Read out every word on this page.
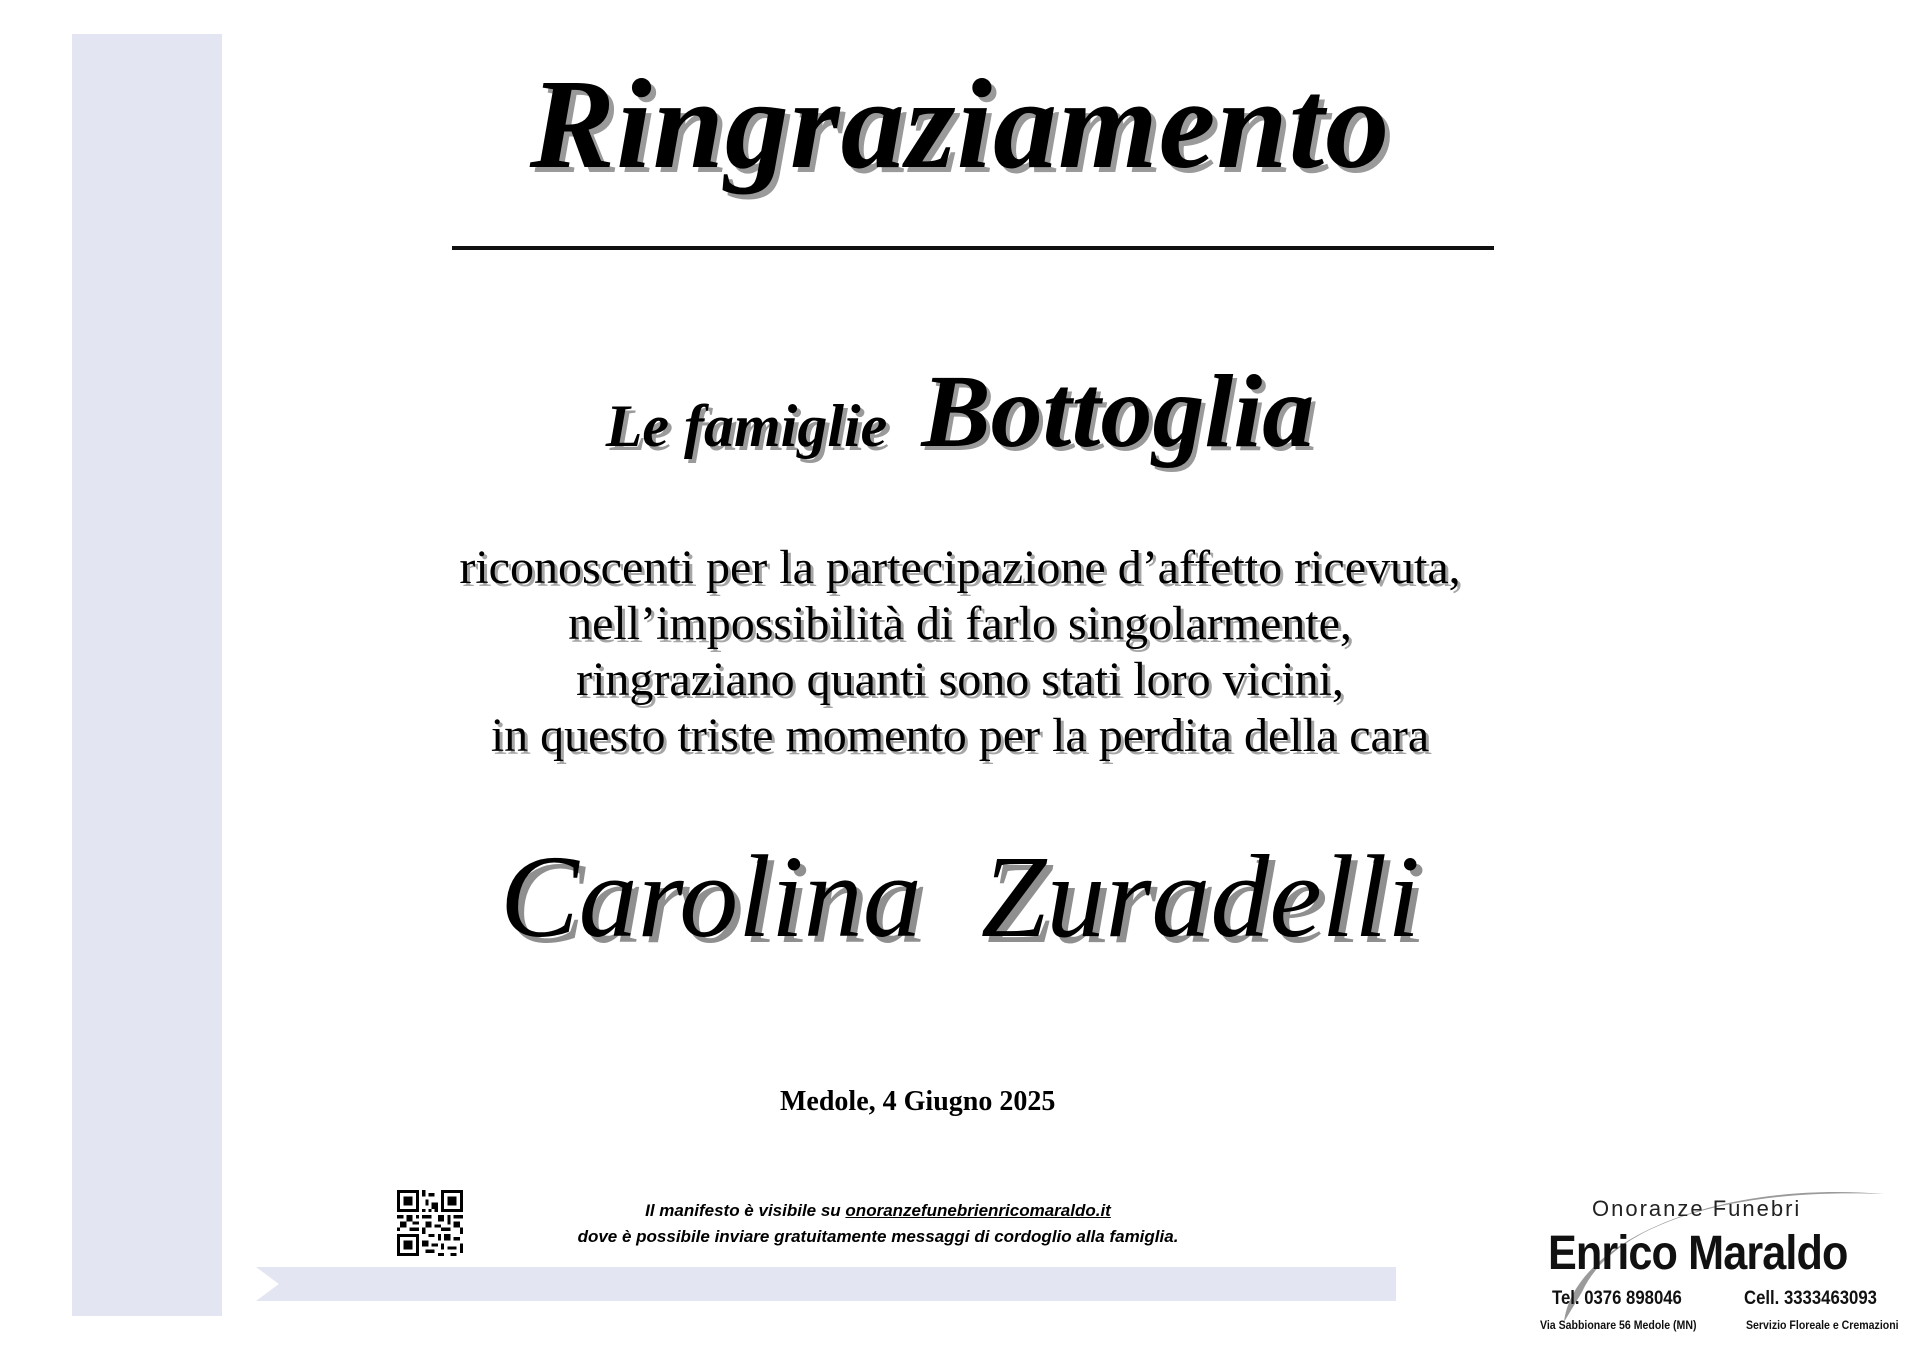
Ringraziamento
Le famiglie Bottoglia
riconoscenti per la partecipazione d’affetto ricevuta,
nell’impossibilità di farlo singolarmente,
ringraziano quanti sono stati loro vicini,
in questo triste momento per la perdita della cara
Carolina  Zuradelli
Medole, 4 Giugno 2025
Il manifesto è visibile su onoranzefunebrienricomaraldo.it
dove è possibile inviare gratuitamente messaggi di cordoglio alla famiglia.
Onoranze Funebri
Enrico Maraldo
Tel. 0376 898046	Cell. 3333463093
Via Sabbionare 56 Medole (MN)	Servizio Floreale e Cremazioni
